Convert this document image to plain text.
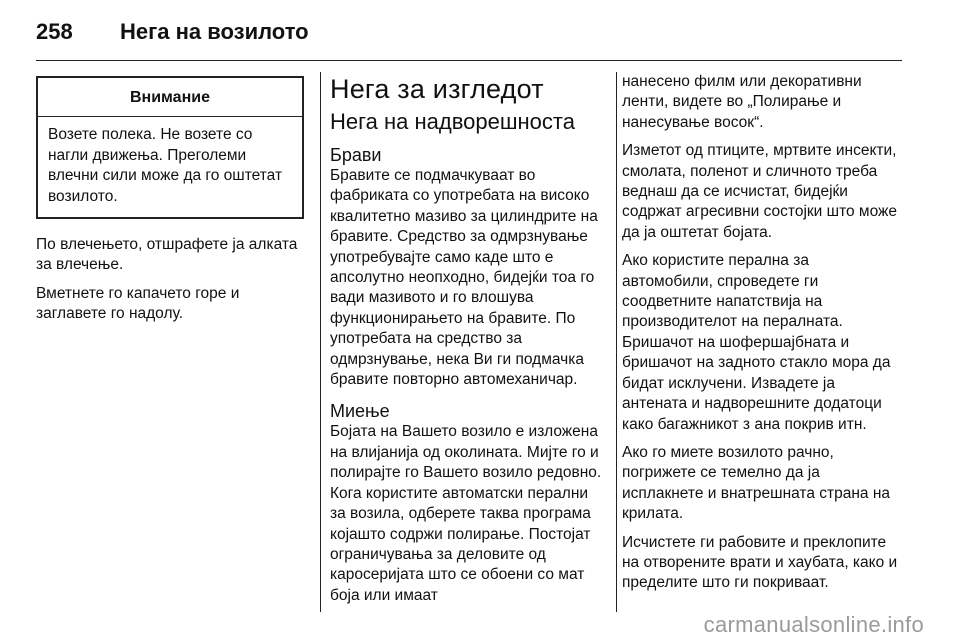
258	Нега на возилото
Внимание
Возете полека. Не возете со нагли движења. Преголеми влечни сили може да го оштетат возилото.

По влечењето, отшрафете ја алката за влечење.

Вметнете го капачето горе и заглавете го надолу.

Нега за изгледот
Нега на надворешноста
Брави
Бравите се подмачкуваат во фабриката со употребата на високо квалитетно мазиво за цилиндрите на бравите. Средство за одмрзнување употребувајте само каде што е апсолутно неопходно, бидејќи тоа го вади мазивото и го влошува функционирањето на бравите. По употребата на средство за одмрзнување, нека Ви ги подмачка бравите повторно автомеханичар.
Миење
Бојата на Вашето возило е изложена на влијанија од околината. Мијте го и полирајте го Вашето возило редовно. Кога користите автоматски перални за возила, одберете таква програма којашто содржи полирање. Постојат ограничувања за деловите од каросеријата што се обоени со мат боја или имаат

нанесено филм или декоративни ленти, видете во „Полирање и нанесување восок“.

Изметот од птиците, мртвите инсекти, смолата, поленот и сличното треба веднаш да се исчистат, бидејќи содржат агресивни состојки што може да ја оштетат бојата.

Ако користите перална за автомобили, спроведете ги соодветните напатствија на производителот на пералната. Бришачот на шофершајбната и бришачот на задното стакло мора да бидат исклучени. Извадете ја антената и надворешните додатоци како багажникот з ана покрив итн.

Ако го миете возилото рачно, погрижете се темелно да ја исплакнете и внатрешната страна на крилата.

Исчистете ги рабовите и преклопите на отворените врати и хаубата, како и пределите што ги покриваат.

carmanualsonline.info
